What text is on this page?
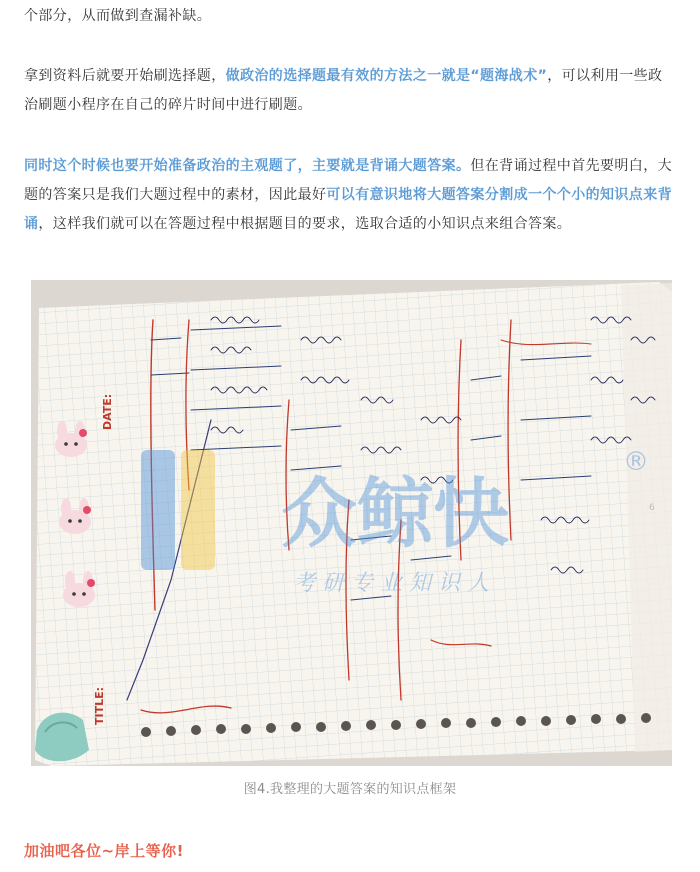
个部分，从而做到查漏补缺。

拿到资料后就要开始刷选择题，做政治的选择题最有效的方法之一就是“题海战术”，可以利用一些政治刷题小程序在自己的碎片时间中进行刷题。

同时这个时候也要开始准备政治的主观题了，主要就是背诵大题答案。但在背诵过程中首先要明白，大题的答案只是我们大题过程中的素材，因此最好可以有意识地将大题答案分割成一个个小的知识点来背诵，这样我们就可以在答题过程中根据题目的要求，选取合适的小知识点来组合答案。

TITLE:
DATE:
众鲸快
考 研 专 业 知 识 人
®
6
图4.我整理的大题答案的知识点框架
加油吧各位~岸上等你!
